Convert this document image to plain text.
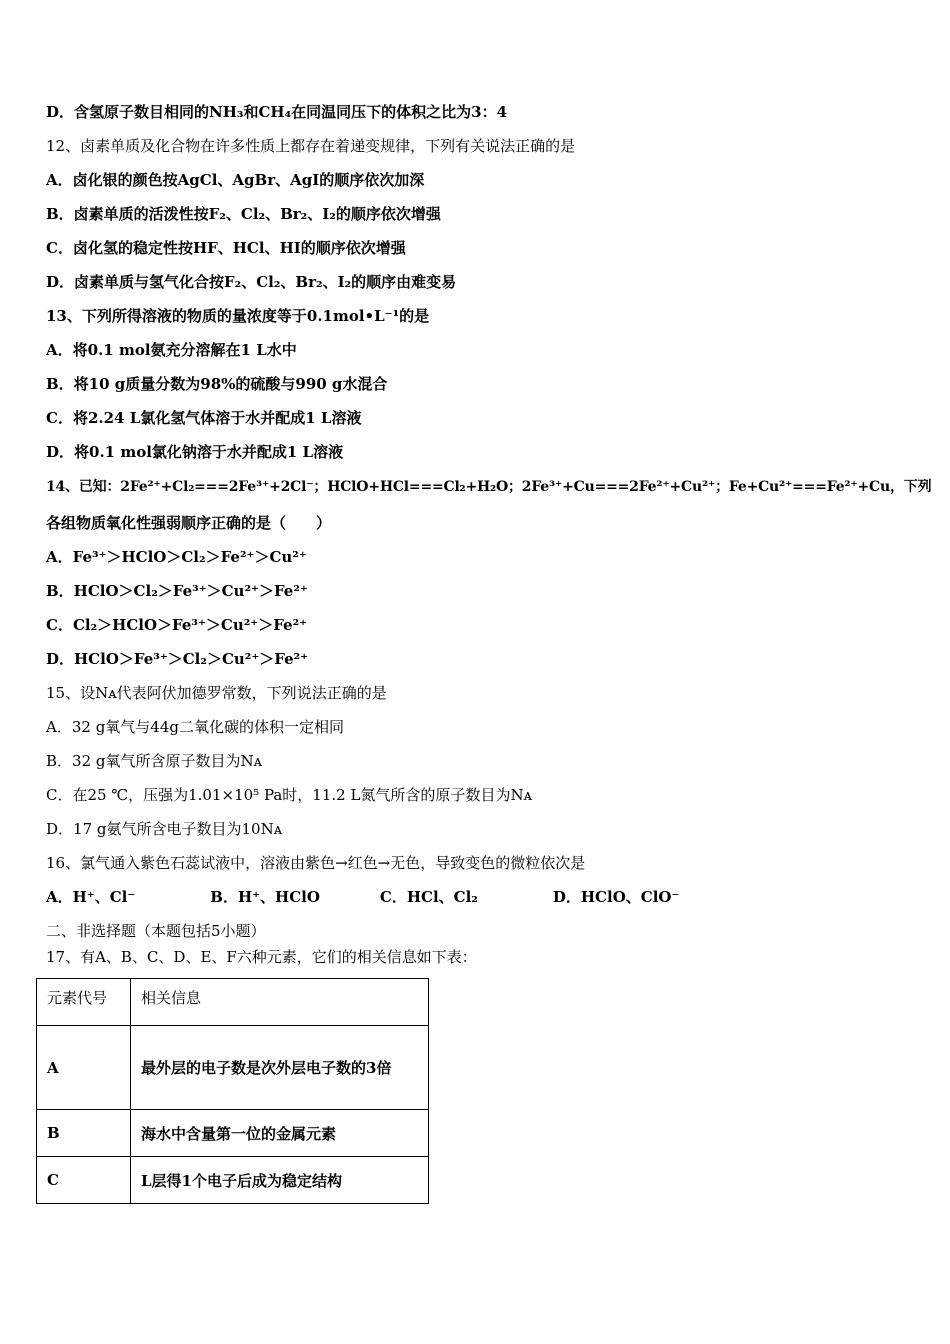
D．含氢原子数目相同的NH₃和CH₄在同温同压下的体积之比为3：4
12、卤素单质及化合物在许多性质上都存在着递变规律，下列有关说法正确的是
A．卤化银的颜色按AgCl、AgBr、AgI的顺序依次加深
B．卤素单质的活泼性按F₂、Cl₂、Br₂、I₂的顺序依次增强
C．卤化氢的稳定性按HF、HCl、HI的顺序依次增强
D．卤素单质与氢气化合按F₂、Cl₂、Br₂、I₂的顺序由难变易
13、下列所得溶液的物质的量浓度等于0.1mol•L⁻¹的是
A．将0.1 mol氨充分溶解在1 L水中
B．将10 g质量分数为98%的硫酸与990 g水混合
C．将2.24 L氯化氢气体溶于水并配成1 L溶液
D．将0.1 mol氯化钠溶于水并配成1 L溶液
14、已知：2Fe²⁺+Cl₂===2Fe³⁺+2Cl⁻；HClO+HCl===Cl₂+H₂O；2Fe³⁺+Cu===2Fe²⁺+Cu²⁺；Fe+Cu²⁺===Fe²⁺+Cu，下列
各组物质氧化性强弱顺序正确的是（　　）
A．Fe³⁺＞HClO＞Cl₂＞Fe²⁺＞Cu²⁺
B．HClO＞Cl₂＞Fe³⁺＞Cu²⁺＞Fe²⁺
C．Cl₂＞HClO＞Fe³⁺＞Cu²⁺＞Fe²⁺
D．HClO＞Fe³⁺＞Cl₂＞Cu²⁺＞Fe²⁺
15、设Nᴀ代表阿伏加德罗常数，下列说法正确的是
A．32 g氧气与44g二氧化碳的体积一定相同
B．32 g氧气所含原子数目为Nᴀ
C．在25 ℃，压强为1.01×10⁵ Pa时，11.2 L氮气所含的原子数目为Nᴀ
D．17 g氨气所含电子数目为10Nᴀ
16、氯气通入紫色石蕊试液中，溶液由紫色→红色→无色，导致变色的微粒依次是
A．H⁺、Cl⁻　　　　　B．H⁺、HClO　　　　C．HCl、Cl₂　　　　　D．HClO、ClO⁻
二、非选择题（本题包括5小题）
17、有A、B、C、D、E、F六种元素，它们的相关信息如下表：
元素代号	相关信息
A	最外层的电子数是次外层电子数的3倍

B	海水中含量第一位的金属元素
C	L层得1个电子后成为稳定结构
